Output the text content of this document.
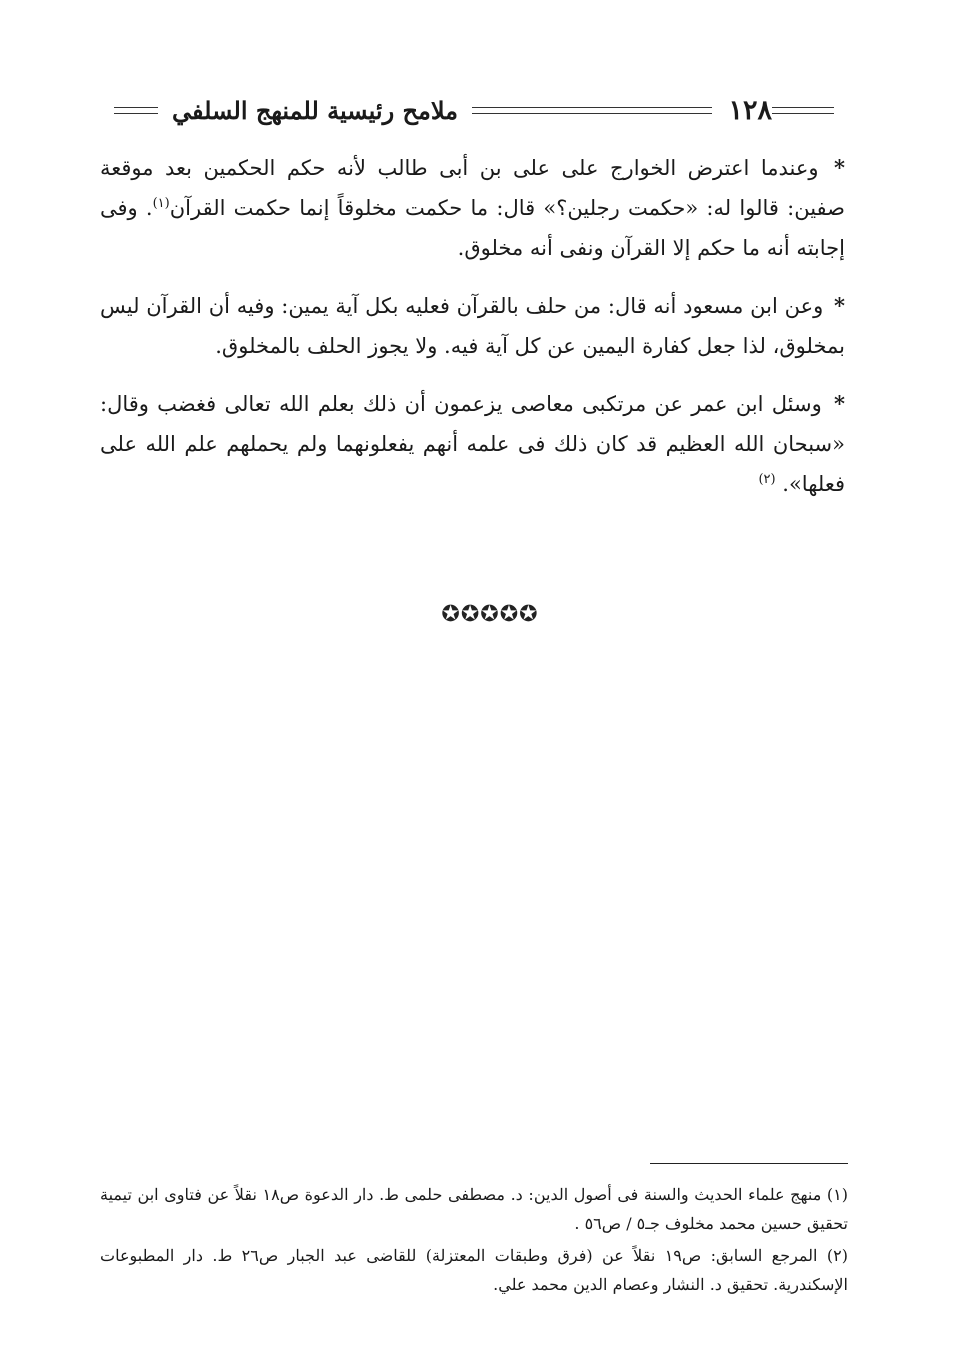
١٢٨
ملامح رئيسية للمنهج السلفي

* وعندما اعترض الخوارج على على بن أبى طالب لأنه حكم الحكمين بعد موقعة صفين: قالوا له: «حكمت رجلين؟» قال: ما حكمت مخلوقاً إنما حكمت القرآن$^{(١)}$. وفى إجابته أنه ما حكم إلا القرآن ونفى أنه مخلوق.

* وعن ابن مسعود أنه قال: من حلف بالقرآن فعليه بكل آية يمين: وفيه أن القرآن ليس بمخلوق، لذا جعل كفارة اليمين عن كل آية فيه. ولا يجوز الحلف بالمخلوق.

* وسئل ابن عمر عن مرتكبى معاصى يزعمون أن ذلك بعلم الله تعالى فغضب وقال: «سبحان الله العظيم قد كان ذلك فى علمه أنهم يفعلونهما ولم يحملهم علم الله على فعلها». $^{(٢)}$

✪✪✪✪✪

(١) منهج علماء الحديث والسنة فى أصول الدين: د. مصطفى حلمى ط. دار الدعوة ص١٨ نقلاً عن فتاوى ابن تيمية تحقيق حسين محمد مخلوف جـ٥ / ص٥٦ .

(٢) المرجع السابق: ص١٩ نقلاً عن (فرق وطبقات المعتزلة) للقاضى عبد الجبار ص٢٦ ط. دار المطبوعات الإسكندرية. تحقيق د. النشار وعصام الدين محمد علي.
